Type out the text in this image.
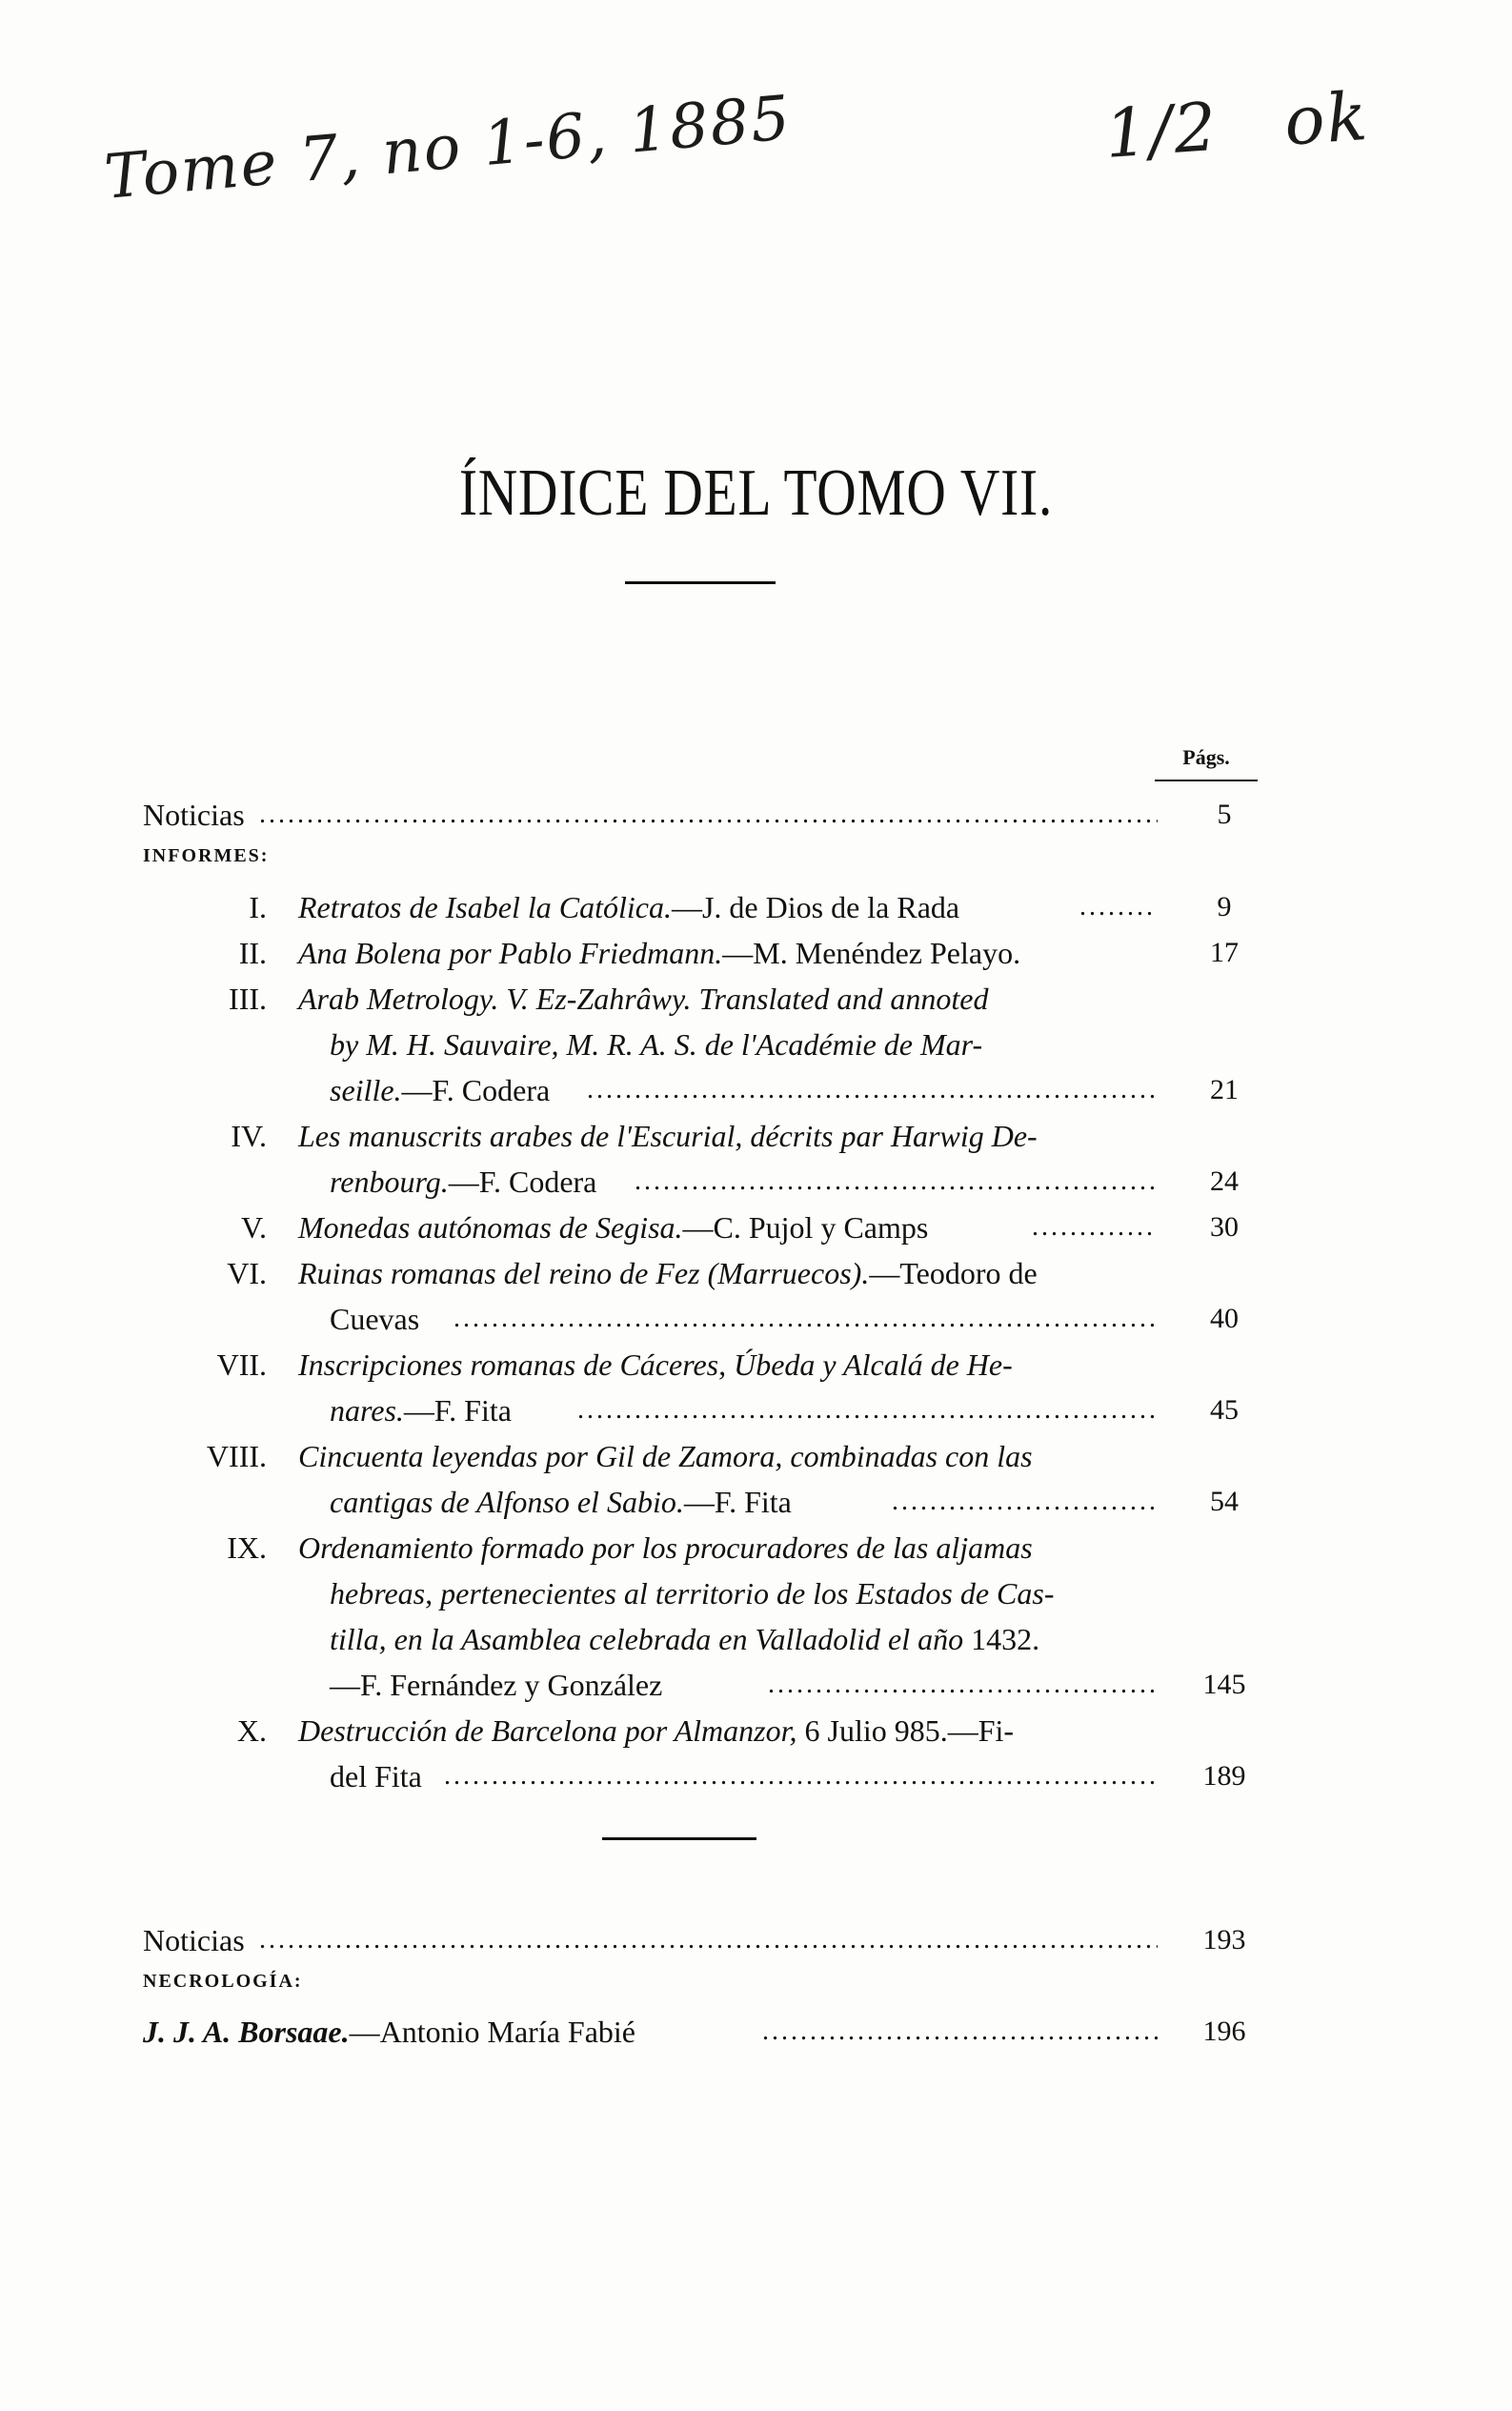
Tome 7, no 1-6, 1885	1/2 ok
ÍNDICE DEL TOMO VII.
Págs.
Noticias .....	5
INFORMES:
I. Retratos de Isabel la Católica.—J. de Dios de la Rada .....	9
II. Ana Bolena por Pablo Friedmann.—M. Menéndez Pelayo.	17
III. Arab Metrology. V. Ez-Zahrâwy. Translated and annoted
by M. H. Sauvaire, M. R. A. S. de l'Académie de Mar-
seille.—F. Codera .....	21
IV. Les manuscrits arabes de l'Escurial, décrits par Harwig De-
renbourg.—F. Codera .....	24
V. Monedas autónomas de Segisa.—C. Pujol y Camps .....	30
VI. Ruinas romanas del reino de Fez (Marruecos).—Teodoro de
Cuevas .....	40
VII. Inscripciones romanas de Cáceres, Úbeda y Alcalá de He-
nares.—F. Fita .....	45
VIII. Cincuenta leyendas por Gil de Zamora, combinadas con las
cantigas de Alfonso el Sabio.—F. Fita .....	54
IX. Ordenamiento formado por los procuradores de las aljamas
hebreas, pertenecientes al territorio de los Estados de Cas-
tilla, en la Asamblea celebrada en Valladolid el año 1432.
—F. Fernández y González .....	145
X. Destrucción de Barcelona por Almanzor, 6 Julio 985.—Fi-
del Fita .....	189
Noticias .....	193
NECROLOGÍA:
J. J. A. Borsaae.—Antonio María Fabié .....	196
